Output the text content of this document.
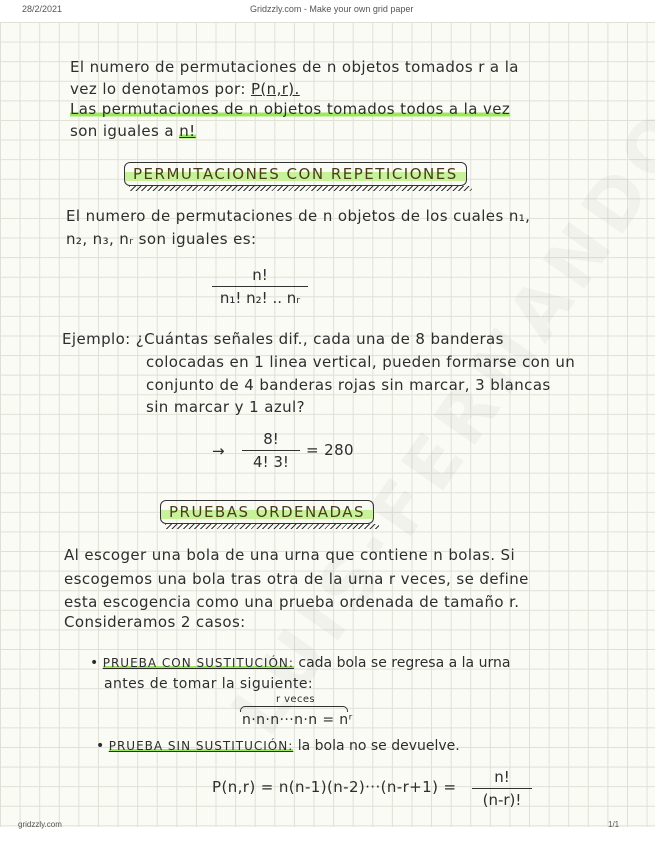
28/2/2021	Gridzzly.com - Make your own grid paper
El numero de permutaciones de n objetos tomados r a la
vez lo denotamos por: P(n,r).
Las permutaciones de n objetos tomados todos a la vez
son iguales a n!
PERMUTACIONES CON REPETICIONES
El numero de permutaciones de n objetos de los cuales n₁,
n₂, n₃, nᵣ son iguales es:
$\frac{n!}{\text{n₁! n₂! .. nᵣ}}$
Ejemplo: ¿Cuántas señales dif., cada una de 8 banderas
colocadas en 1 linea vertical, pueden formarse con un
conjunto de 4 banderas rojas sin marcar, 3 blancas
sin marcar y 1 azul?
→ $\frac{8!}{4! 3!} = 280$
PRUEBAS ORDENADAS
Al escoger una bola de una urna que contiene n bolas. Si
escogemos una bola tras otra de la urna r veces, se define
esta escogencia como una prueba ordenada de tamaño r.
Consideramos 2 casos:
• PRUEBA CON SUSTITUCIÓN: cada bola se regresa a la urna
antes de tomar la siguiente:
r veces
n·n·n···n·n = nʳ
• PRUEBA SIN SUSTITUCIÓN: la bola no se devuelve.
$P(n,r) = n(n-1)(n-2)\cdot\cdot\cdot(n-r+1) = \frac{n!}{(n-r)!}$
gridzzly.com	1/1
